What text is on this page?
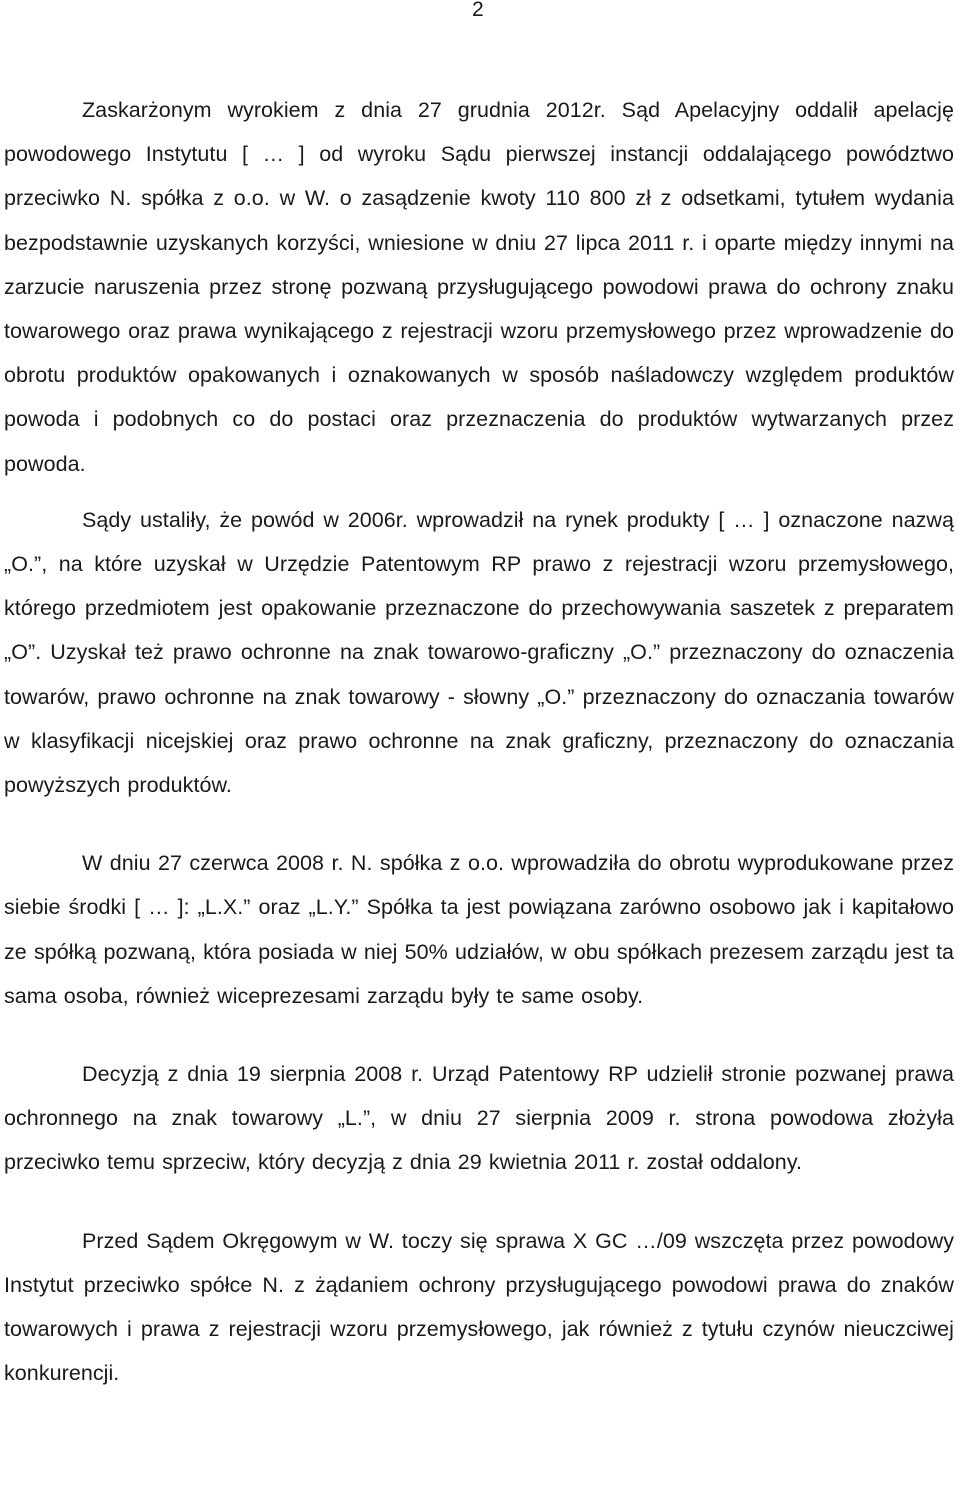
2

Zaskarżonym wyrokiem z dnia 27 grudnia 2012r. Sąd Apelacyjny oddalił apelację powodowego Instytutu [ … ] od wyroku Sądu pierwszej instancji oddalającego powództwo przeciwko N. spółka z o.o. w W. o zasądzenie kwoty 110 800 zł z odsetkami, tytułem wydania bezpodstawnie uzyskanych korzyści, wniesione w dniu 27 lipca 2011 r. i oparte między innymi na zarzucie naruszenia przez stronę pozwaną przysługującego powodowi prawa do ochrony znaku towarowego oraz prawa wynikającego z rejestracji wzoru przemysłowego przez wprowadzenie do obrotu produktów opakowanych i oznakowanych w sposób naśladowczy względem produktów powoda i podobnych co do postaci oraz przeznaczenia do produktów wytwarzanych przez powoda.

Sądy ustaliły, że powód w 2006r. wprowadził na rynek produkty [ … ] oznaczone nazwą „O.”, na które uzyskał w Urzędzie Patentowym RP prawo z rejestracji wzoru przemysłowego, którego przedmiotem jest opakowanie przeznaczone do przechowywania saszetek z preparatem „O”. Uzyskał też prawo ochronne na znak towarowo-graficzny „O.” przeznaczony do oznaczenia towarów, prawo ochronne na znak towarowy - słowny „O.” przeznaczony do oznaczania towarów w klasyfikacji nicejskiej oraz prawo ochronne na znak graficzny, przeznaczony do oznaczania powyższych produktów.

W dniu 27 czerwca 2008 r. N. spółka z o.o. wprowadziła do obrotu wyprodukowane przez siebie środki [ … ]: „L.X.” oraz „L.Y.” Spółka ta jest powiązana zarówno osobowo jak i kapitałowo ze spółką pozwaną, która posiada w niej 50% udziałów, w obu spółkach prezesem zarządu jest ta sama osoba, również wiceprezesami zarządu były te same osoby.

Decyzją z dnia 19 sierpnia 2008 r. Urząd Patentowy RP udzielił stronie pozwanej prawa ochronnego na znak towarowy „L.”, w dniu 27 sierpnia 2009 r. strona powodowa złożyła przeciwko temu sprzeciw, który decyzją z dnia 29 kwietnia 2011 r. został oddalony.

Przed Sądem Okręgowym w W. toczy się sprawa X GC …/09 wszczęta przez powodowy Instytut przeciwko spółce N. z żądaniem ochrony przysługującego powodowi prawa do znaków towarowych i prawa z rejestracji wzoru przemysłowego, jak również z tytułu czynów nieuczciwej konkurencji.
